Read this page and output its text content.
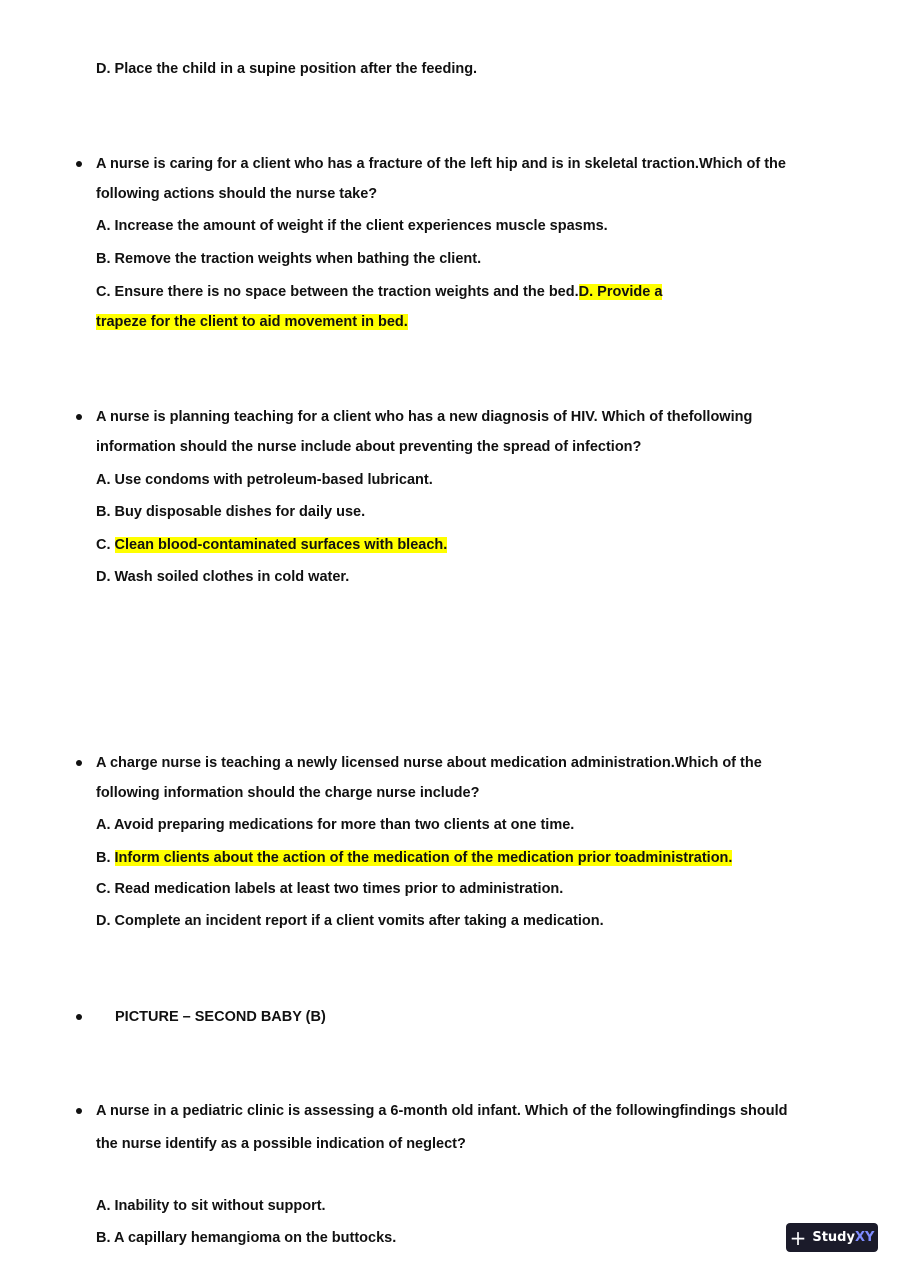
D. Place the child in a supine position after the feeding.
A nurse is caring for a client who has a fracture of the left hip and is in skeletal traction.Which of the
following actions should the nurse take?
A. Increase the amount of weight if the client experiences muscle spasms.
B. Remove the traction weights when bathing the client.
C. Ensure there is no space between the traction weights and the bed.D. Provide a
trapeze for the client to aid movement in bed.
A nurse is planning teaching for a client who has a new diagnosis of HIV. Which of thefollowing
information should the nurse include about preventing the spread of infection?
A. Use condoms with petroleum-based lubricant.
B. Buy disposable dishes for daily use.
C. Clean blood-contaminated surfaces with bleach.
D. Wash soiled clothes in cold water.
A charge nurse is teaching a newly licensed nurse about medication administration.Which of the
following information should the charge nurse include?
A. Avoid preparing medications for more than two clients at one time.
B. Inform clients about the action of the medication of the medication prior toadministration.
C. Read medication labels at least two times prior to administration.
D. Complete an incident report if a client vomits after taking a medication.
PICTURE – SECOND BABY (B)
A nurse in a pediatric clinic is assessing a 6-month old infant. Which of the followingfindings should
the nurse identify as a possible indication of neglect?
A. Inability to sit without support.
B. A capillary hemangioma on the buttocks.	+ StudyXY
